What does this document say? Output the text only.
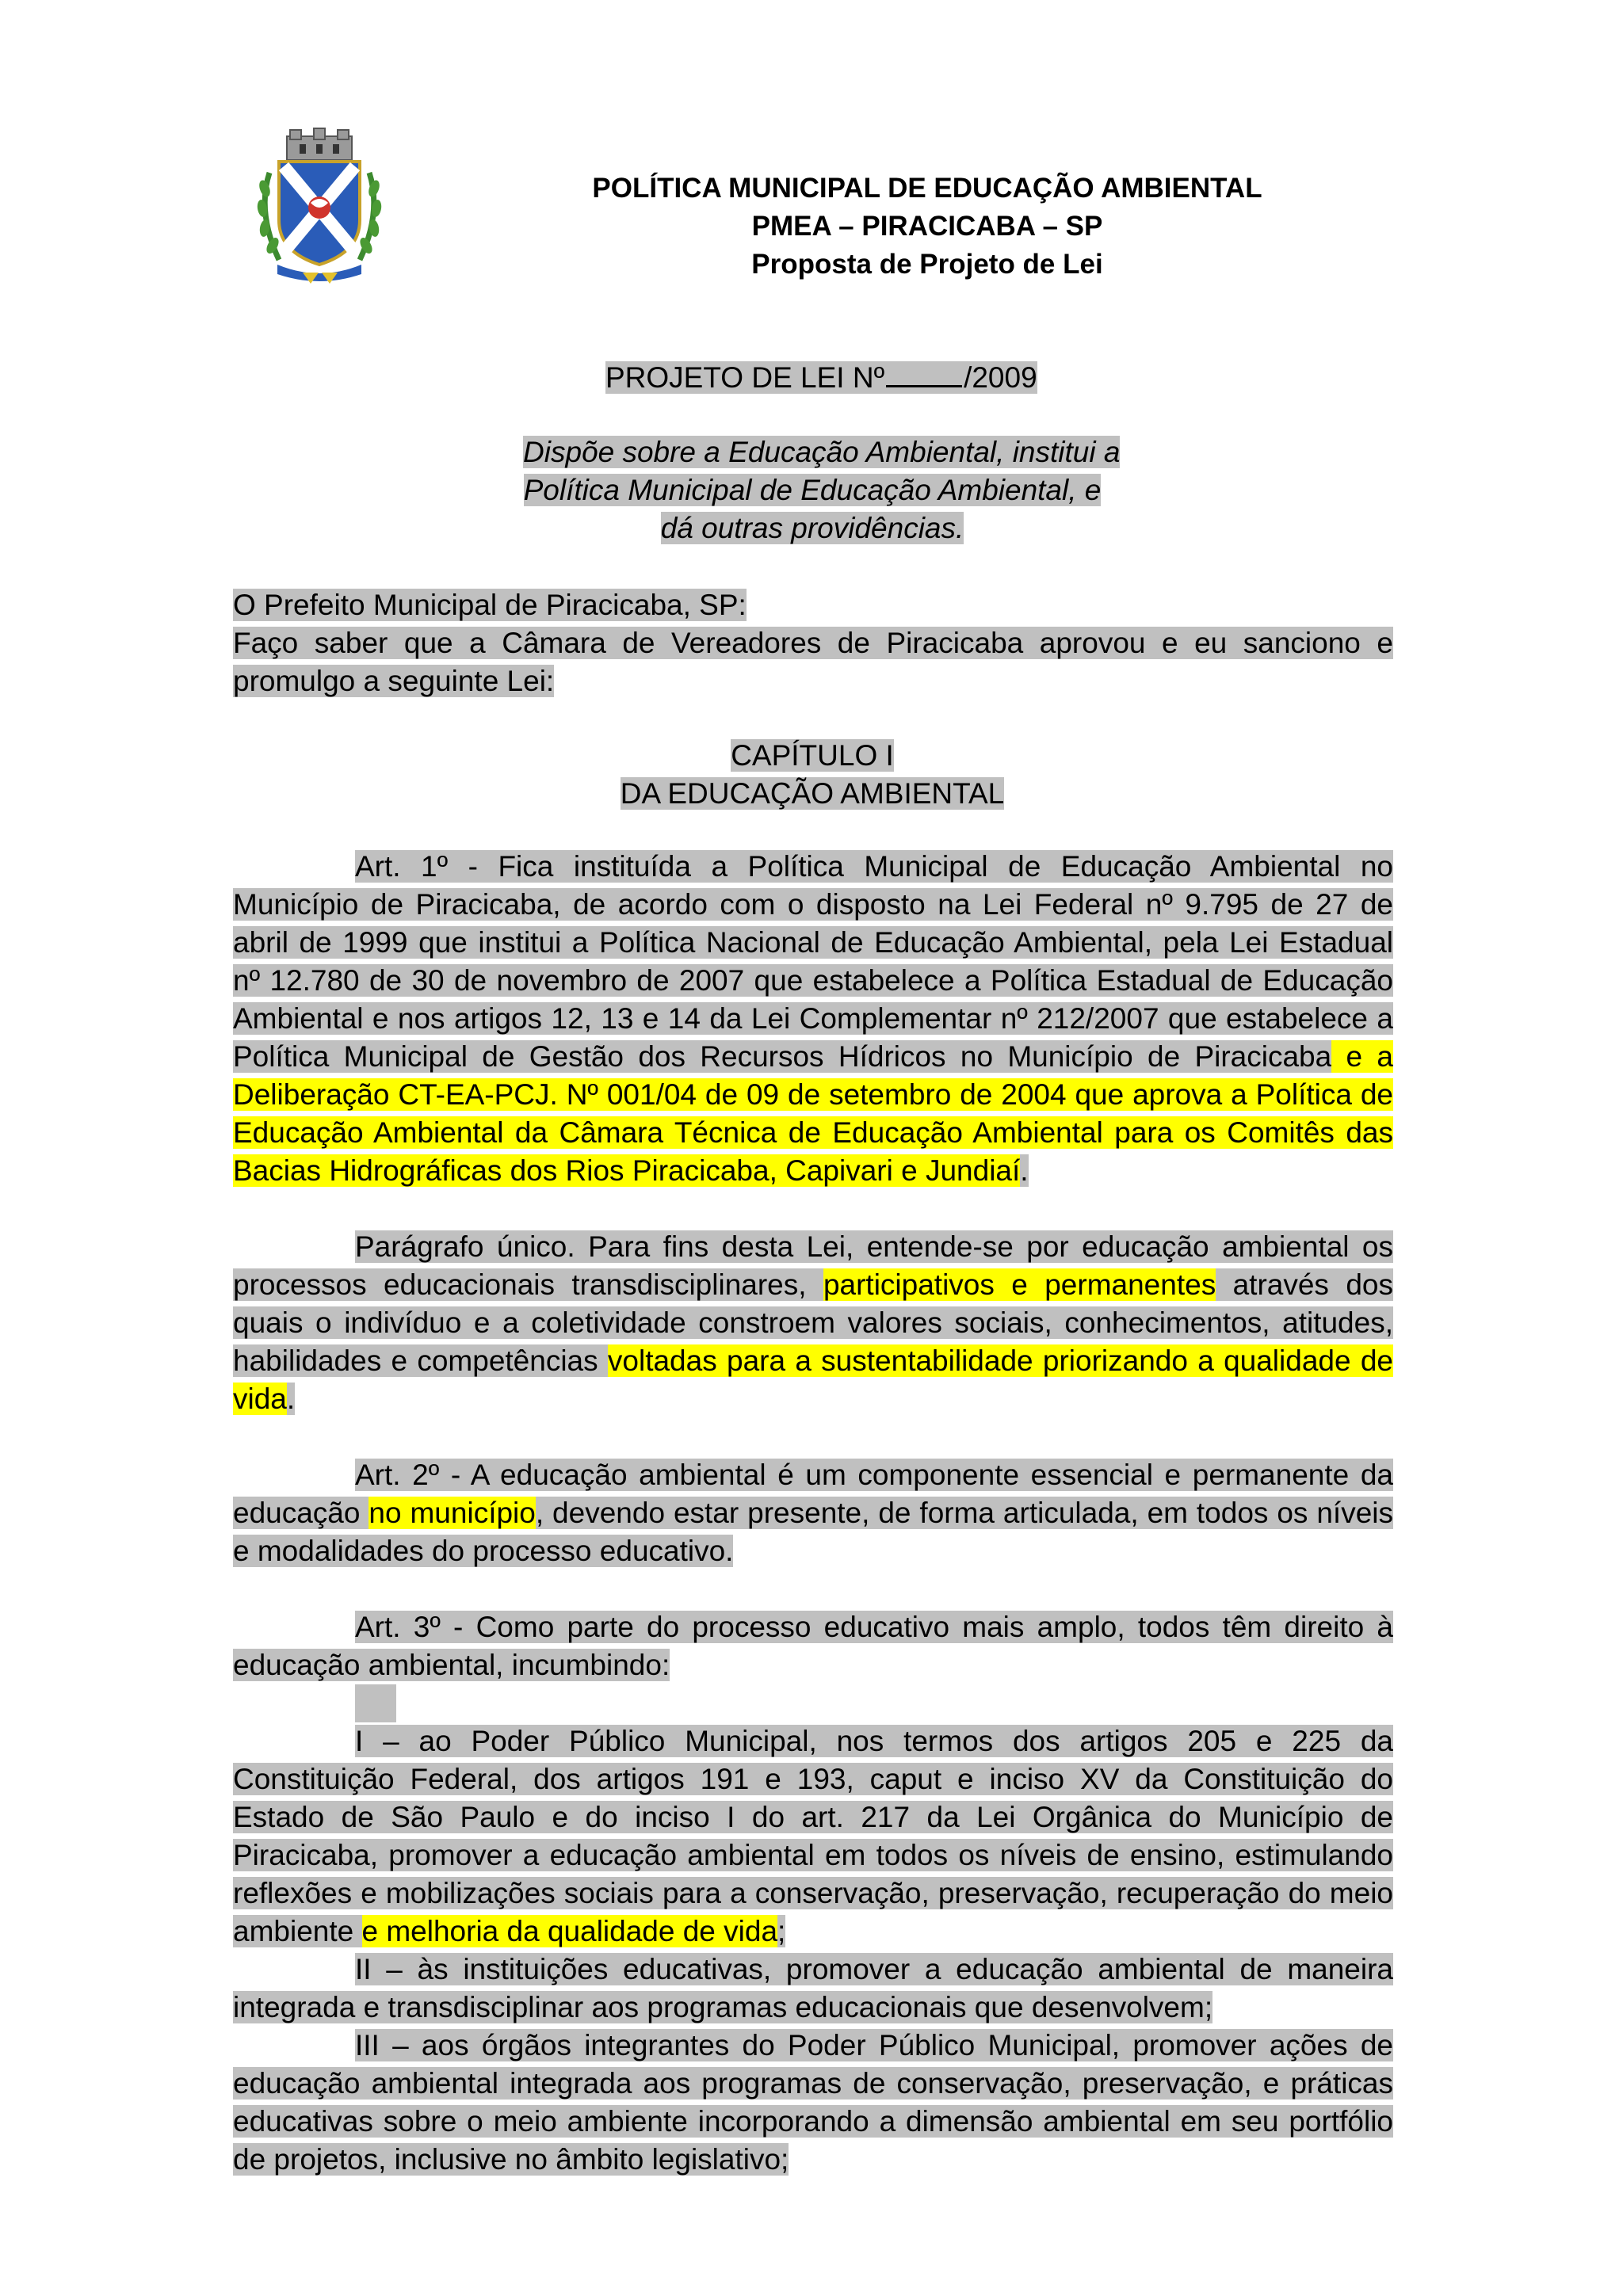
POLÍTICA MUNICIPAL DE EDUCAÇÃO AMBIENTAL
PMEA – PIRACICABA – SP
Proposta de Projeto de Lei
PROJETO DE LEI Nº	/2009
Dispõe sobre a Educação Ambiental, institui a
Política Municipal de Educação Ambiental, e
dá outras providências.

O Prefeito Municipal de Piracicaba, SP:

Faço saber que a Câmara de Vereadores de Piracicaba aprovou e eu sanciono e promulgo a seguinte Lei:

CAPÍTULO I
DA EDUCAÇÃO AMBIENTAL

Art. 1º - Fica instituída a Política Municipal de Educação Ambiental no Município de Piracicaba, de acordo com o disposto na Lei Federal nº 9.795 de 27 de abril de 1999 que institui a Política Nacional de Educação Ambiental, pela Lei Estadual nº 12.780 de 30 de novembro de 2007 que estabelece a Política Estadual de Educação Ambiental e nos artigos 12, 13 e 14 da Lei Complementar nº 212/2007 que estabelece a Política Municipal de Gestão dos Recursos Hídricos no Município de Piracicaba e a Deliberação CT-EA-PCJ. Nº 001/04 de 09 de setembro de 2004 que aprova a Política de Educação Ambiental da Câmara Técnica de Educação Ambiental para os Comitês das Bacias Hidrográficas dos Rios Piracicaba, Capivari e Jundiaí.

Parágrafo único. Para fins desta Lei, entende-se por educação ambiental os processos educacionais transdisciplinares, participativos e permanentes através dos quais o indivíduo e a coletividade constroem valores sociais, conhecimentos, atitudes, habilidades e competências voltadas para a sustentabilidade priorizando a qualidade de vida.

Art. 2º - A educação ambiental é um componente essencial e permanente da educação no município, devendo estar presente, de forma articulada, em todos os níveis e modalidades do processo educativo.

Art. 3º - Como parte do processo educativo mais amplo, todos têm direito à educação ambiental, incumbindo:

I – ao Poder Público Municipal, nos termos dos artigos 205 e 225 da Constituição Federal, dos artigos 191 e 193, caput e inciso XV da Constituição do Estado de São Paulo e do inciso I do art. 217 da Lei Orgânica do Município de Piracicaba, promover a educação ambiental em todos os níveis de ensino, estimulando reflexões e mobilizações sociais para a conservação, preservação, recuperação do meio ambiente e melhoria da qualidade de vida;

II – às instituições educativas, promover a educação ambiental de maneira integrada e transdisciplinar aos programas educacionais que desenvolvem;

III – aos órgãos integrantes do Poder Público Municipal, promover ações de educação ambiental integrada aos programas de conservação, preservação, e práticas educativas sobre o meio ambiente incorporando a dimensão ambiental em seu portfólio de projetos, inclusive no âmbito legislativo;
